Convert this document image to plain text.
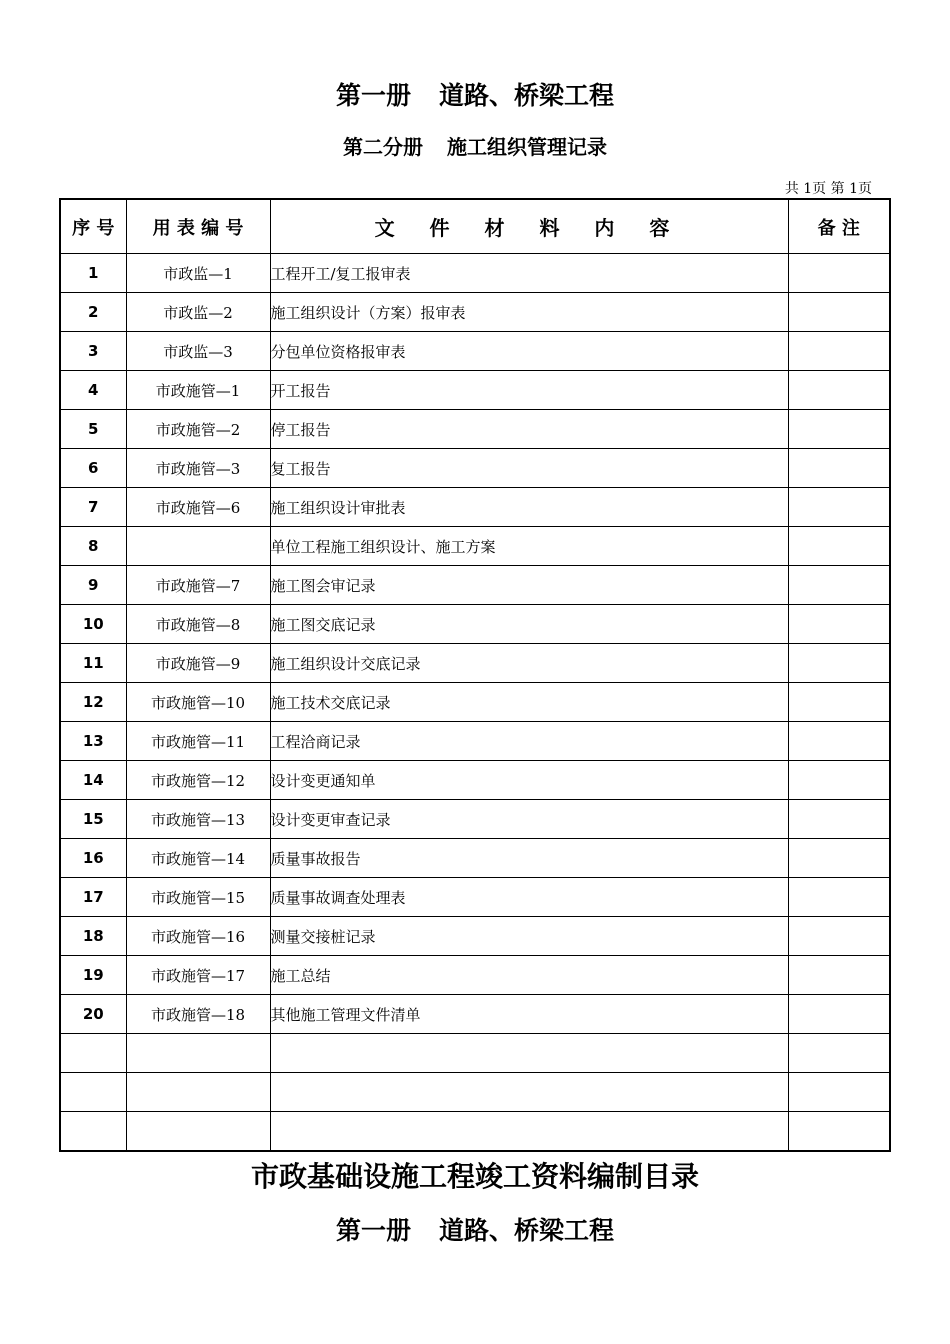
第一册 道路、桥梁工程
第二分册 施工组织管理记录
共 1页 第 1页
序 号	用 表 编 号	文 件 材 料 内 容	备 注
1	市政监—1	工程开工/复工报审表	
2	市政监—2	施工组织设计（方案）报审表	
3	市政监—3	分包单位资格报审表	
4	市政施管—1	开工报告	
5	市政施管—2	停工报告	
6	市政施管—3	复工报告	
7	市政施管—6	施工组织设计审批表	
8		单位工程施工组织设计、施工方案	
9	市政施管—7	施工图会审记录	
10	市政施管—8	施工图交底记录	
11	市政施管—9	施工组织设计交底记录	
12	市政施管—10	施工技术交底记录	
13	市政施管—11	工程洽商记录	
14	市政施管—12	设计变更通知单	
15	市政施管—13	设计变更审查记录	
16	市政施管—14	质量事故报告	
17	市政施管—15	质量事故调查处理表	
18	市政施管—16	测量交接桩记录	
19	市政施管—17	施工总结	
20	市政施管—18	其他施工管理文件清单	

市政基础设施工程竣工资料编制目录
第一册 道路、桥梁工程
